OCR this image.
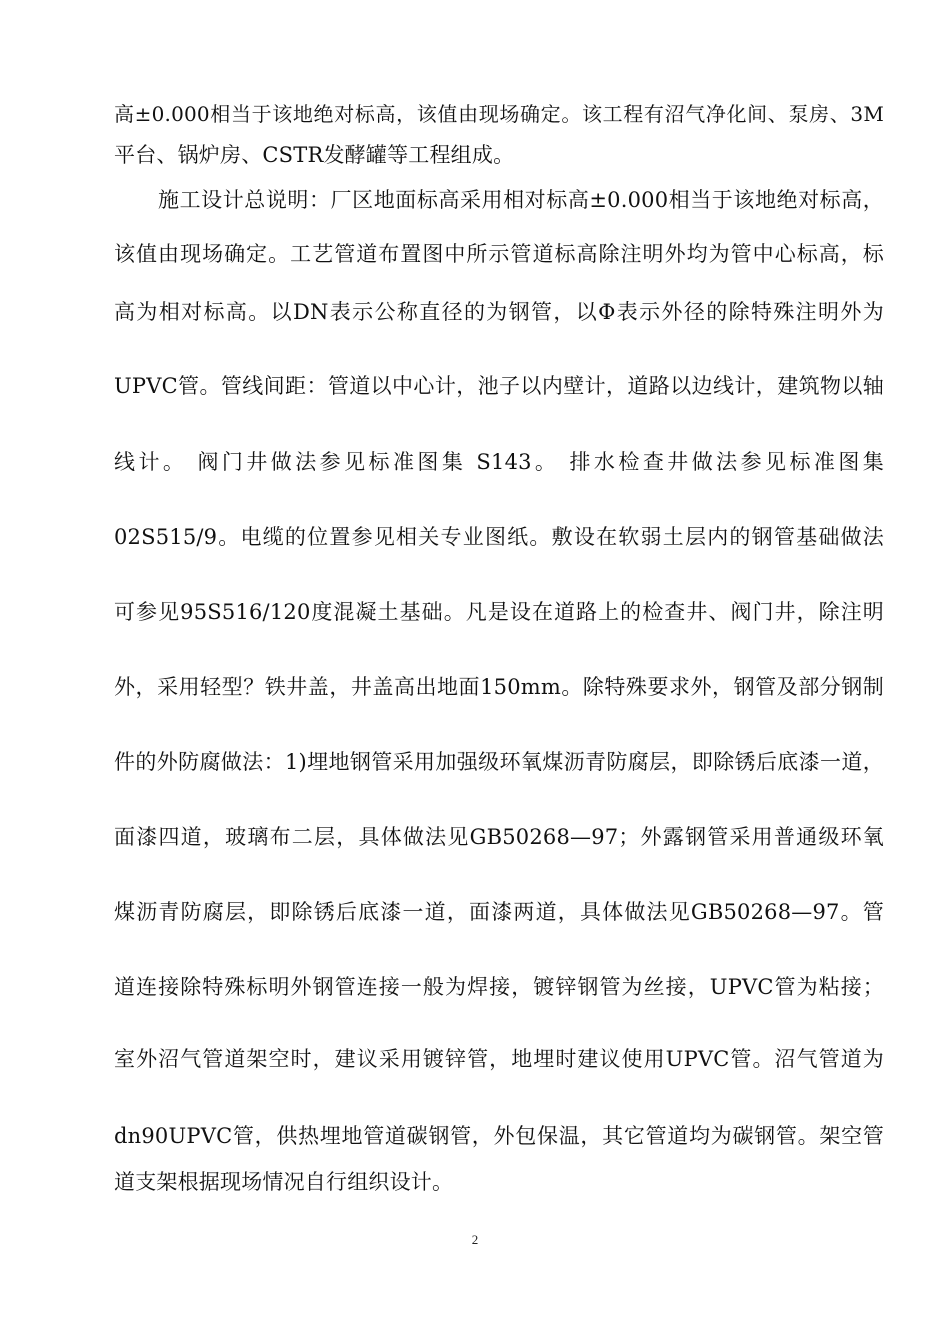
高±0.000相当于该地绝对标高，该值由现场确定。该工程有沼气净化间、泵房、3M
平台、锅炉房、CSTR发酵罐等工程组成。
施工设计总说明：厂区地面标高采用相对标高±0.000相当于该地绝对标高，
该值由现场确定。工艺管道布置图中所示管道标高除注明外均为管中心标高，标
高为相对标高。以DN表示公称直径的为钢管，以Φ表示外径的除特殊注明外为
UPVC管。管线间距：管道以中心计，池子以内壁计，道路以边线计，建筑物以轴
线计。 阀门井做法参见标准图集 S143。 排水检查井做法参见标准图集
02S515/9。电缆的位置参见相关专业图纸。敷设在软弱土层内的钢管基础做法
可参见95S516/120度混凝土基础。凡是设在道路上的检查井、阀门井，除注明
外，采用轻型？铁井盖，井盖高出地面150mm。除特殊要求外，钢管及部分钢制
件的外防腐做法：1)埋地钢管采用加强级环氧煤沥青防腐层，即除锈后底漆一道，
面漆四道，玻璃布二层，具体做法见GB50268—97；外露钢管采用普通级环氧
煤沥青防腐层，即除锈后底漆一道，面漆两道，具体做法见GB50268—97。管
道连接除特殊标明外钢管连接一般为焊接，镀锌钢管为丝接，UPVC管为粘接；
室外沼气管道架空时，建议采用镀锌管，地埋时建议使用UPVC管。沼气管道为
dn90UPVC管，供热埋地管道碳钢管，外包保温，其它管道均为碳钢管。架空管
道支架根据现场情况自行组织设计。
2
